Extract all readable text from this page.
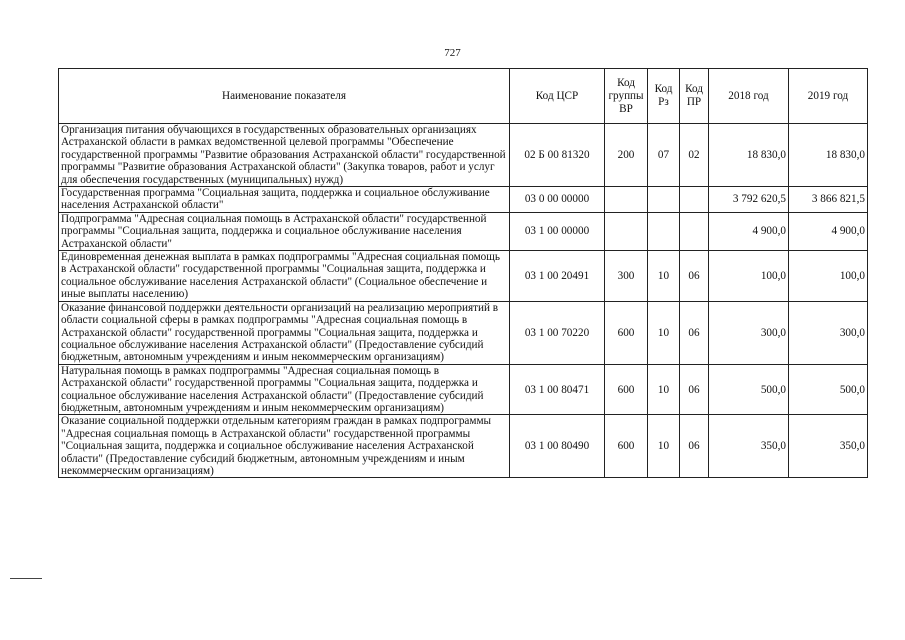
727
Наименование показателя	Код ЦСР	Код группы ВР	Код Рз	Код ПР	2018 год	2019 год
Организация питания обучающихся в государственных образовательных организациях Астраханской области в рамках ведомственной целевой программы "Обеспечение государственной программы "Развитие образования Астраханской области" государственной программы "Развитие образования Астраханской области" (Закупка товаров, работ и услуг для обеспечения государственных (муниципальных) нужд)	02 Б 00 81320	200	07	02	18 830,0	18 830,0
Государственная программа "Социальная защита, поддержка и социальное обслуживание населения Астраханской области"	03 0 00 00000				3 792 620,5	3 866 821,5
Подпрограмма "Адресная социальная помощь в Астраханской области" государственной программы "Социальная защита, поддержка и социальное обслуживание населения Астраханской области"	03 1 00 00000				4 900,0	4 900,0
Единовременная денежная выплата в рамках подпрограммы "Адресная социальная помощь в Астраханской области" государственной программы "Социальная защита, поддержка и социальное обслуживание населения Астраханской области" (Социальное обеспечение и иные выплаты населению)	03 1 00 20491	300	10	06	100,0	100,0
Оказание финансовой поддержки деятельности организаций на реализацию мероприятий в области социальной сферы в рамках подпрограммы "Адресная социальная помощь в Астраханской области" государственной программы "Социальная защита, поддержка и социальное обслуживание населения Астраханской области" (Предоставление субсидий бюджетным, автономным учреждениям и иным некоммерческим организациям)	03 1 00 70220	600	10	06	300,0	300,0
Натуральная помощь в рамках подпрограммы "Адресная социальная помощь в Астраханской области" государственной программы "Социальная защита, поддержка и социальное обслуживание населения Астраханской области" (Предоставление субсидий бюджетным, автономным учреждениям и иным некоммерческим организациям)	03 1 00 80471	600	10	06	500,0	500,0
Оказание социальной поддержки отдельным категориям граждан в рамках подпрограммы "Адресная социальная помощь в Астраханской области" государственной программы "Социальная защита, поддержка и социальное обслуживание населения Астраханской области" (Предоставление субсидий бюджетным, автономным учреждениям и иным некоммерческим организациям)	03 1 00 80490	600	10	06	350,0	350,0
